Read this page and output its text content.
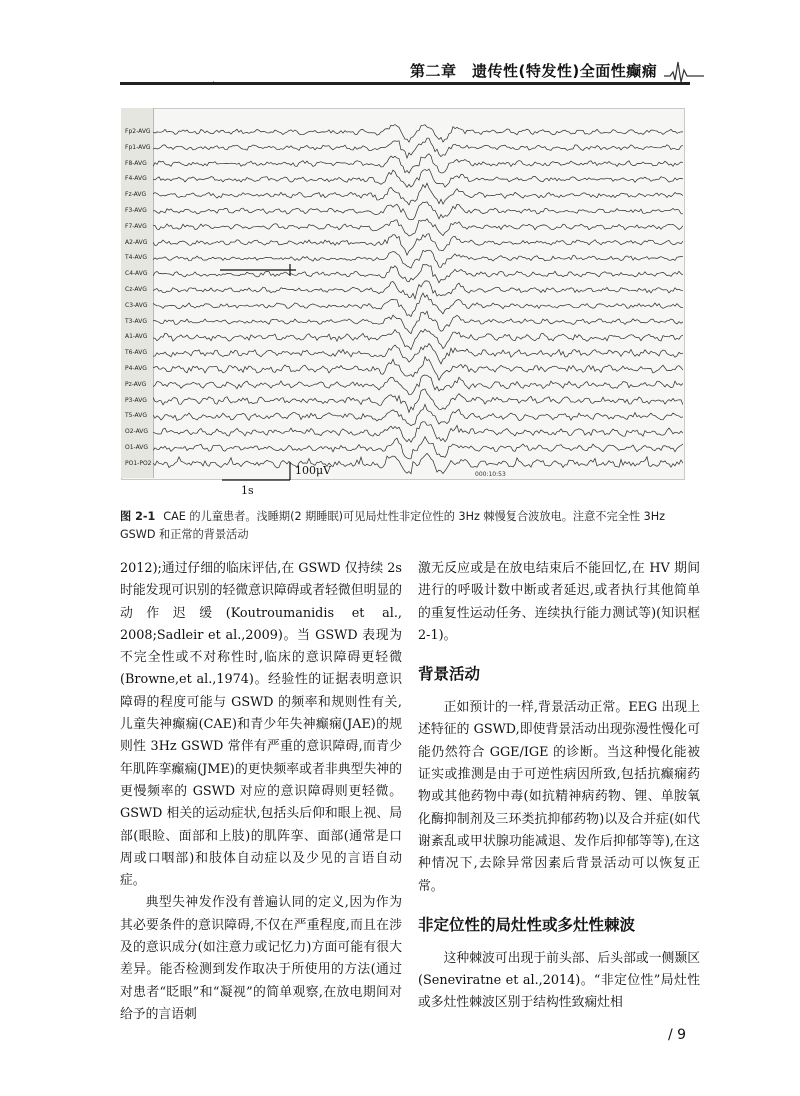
第二章　遗传性(特发性)全面性癫痫
ˋ
Fp2-AVG
Fp1-AVG
F8-AVG
F4-AVG
Fz-AVG
F3-AVG
F7-AVG
A2-AVG
T4-AVG
C4-AVG
Cz-AVG
C3-AVG
T3-AVG
A1-AVG
T6-AVG
P4-AVG
Pz-AVG
P3-AVG
T5-AVG
O2-AVG
O1-AVG
PO1-PO2
000:10:53
100μV
1s
图 2-1 CAE 的儿童患者。浅睡期(2 期睡眠)可见局灶性非定位性的 3Hz 棘慢复合波放电。注意不完全性 3Hz GSWD 和正常的背景活动

2012);通过仔细的临床评估,在 GSWD 仅持续 2s 时能发现可识别的轻微意识障碍或者轻微但明显的动作迟缓(Koutroumanidis et al., 2008;Sadleir et al.,2009)。当 GSWD 表现为不完全性或不对称性时,临床的意识障碍更轻微(Browne,et al.,1974)。经验性的证据表明意识障碍的程度可能与 GSWD 的频率和规则性有关,儿童失神癫痫(CAE)和青少年失神癫痫(JAE)的规则性 3Hz GSWD 常伴有严重的意识障碍,而青少年肌阵挛癫痫(JME)的更快频率或者非典型失神的更慢频率的 GSWD 对应的意识障碍则更轻微。GSWD 相关的运动症状,包括头后仰和眼上视、局部(眼睑、面部和上肢)的肌阵挛、面部(通常是口周或口咽部)和肢体自动症以及少见的言语自动症。

典型失神发作没有普遍认同的定义,因为作为其必要条件的意识障碍,不仅在严重程度,而且在涉及的意识成分(如注意力或记忆力)方面可能有很大差异。能否检测到发作取决于所使用的方法(通过对患者“眨眼”和“凝视”的简单观察,在放电期间对给予的言语刺

激无反应或是在放电结束后不能回忆,在 HV 期间进行的呼吸计数中断或者延迟,或者执行其他简单的重复性运动任务、连续执行能力测试等)(知识框 2-1)。

背景活动

正如预计的一样,背景活动正常。EEG 出现上述特征的 GSWD,即使背景活动出现弥漫性慢化可能仍然符合 GGE/IGE 的诊断。当这种慢化能被证实或推测是由于可逆性病因所致,包括抗癫痫药物或其他药物中毒(如抗精神病药物、锂、单胺氧化酶抑制剂及三环类抗抑郁药物)以及合并症(如代谢紊乱或甲状腺功能减退、发作后抑郁等等),在这种情况下,去除异常因素后背景活动可以恢复正常。

非定位性的局灶性或多灶性棘波

这种棘波可出现于前头部、后头部或一侧颞区(Seneviratne et al.,2014)。“非定位性”局灶性或多灶性棘波区别于结构性致痫灶相

/ 9
